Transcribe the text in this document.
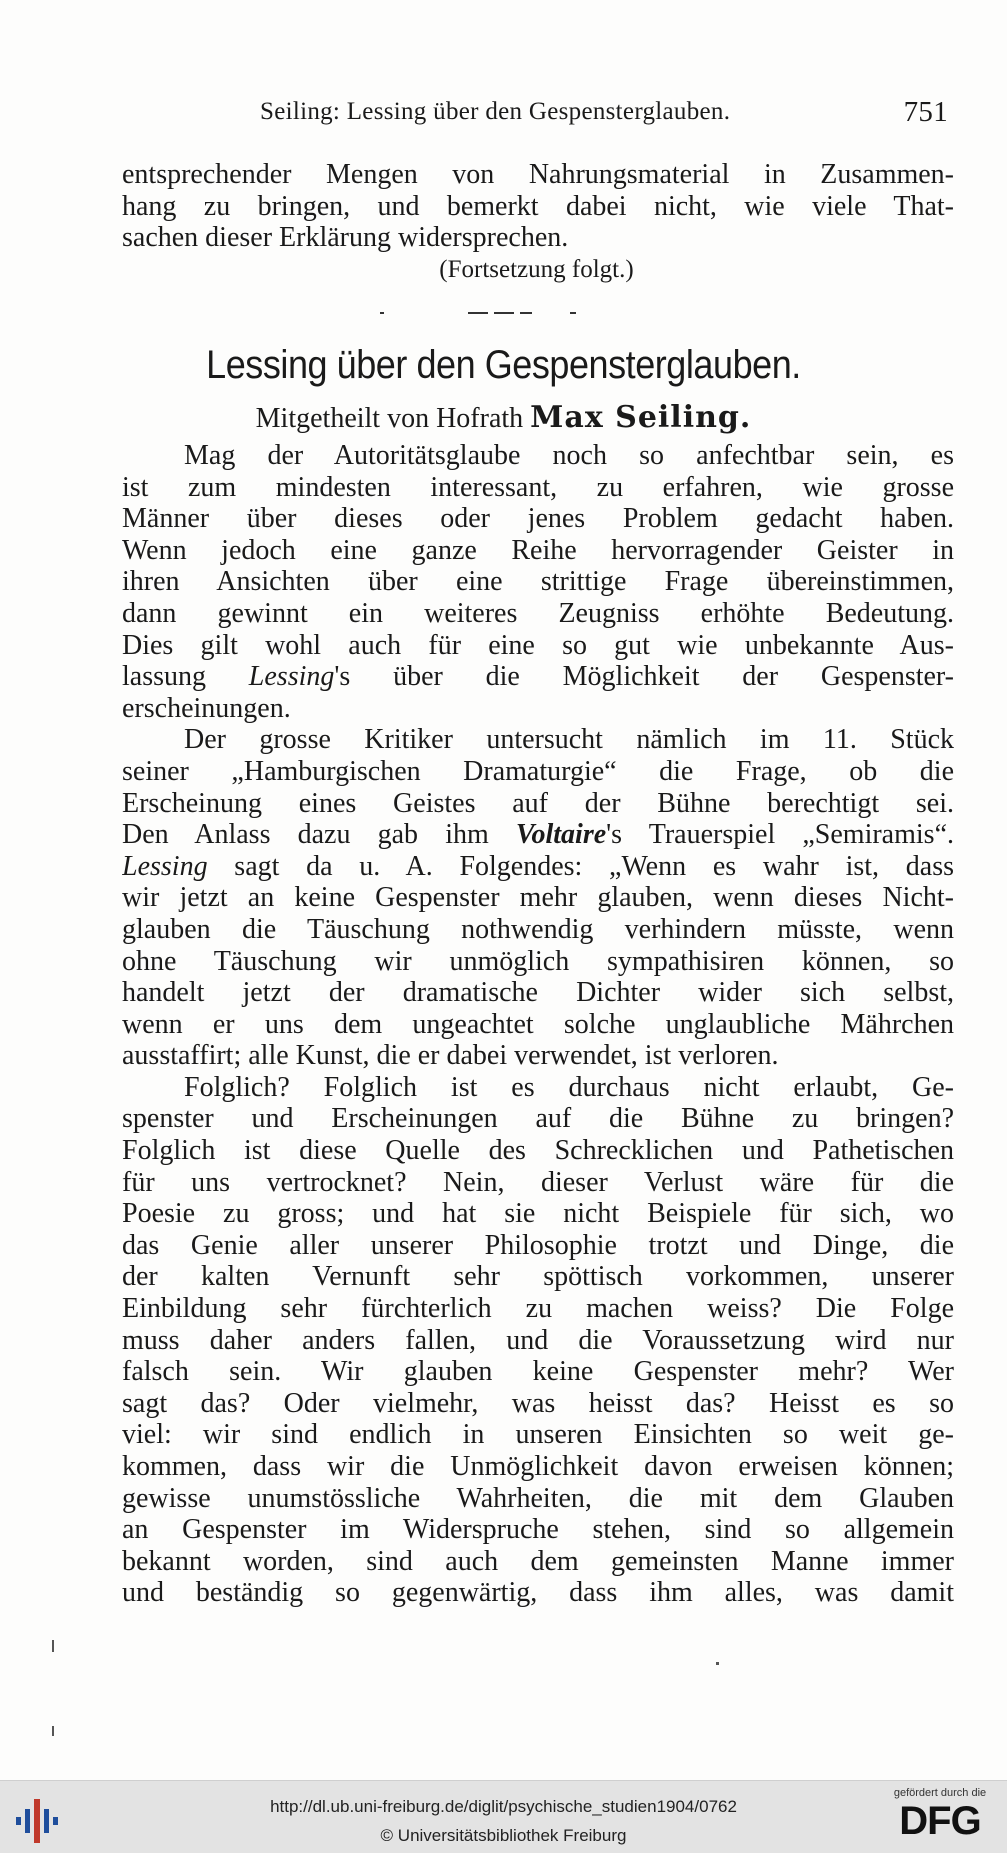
Seiling: Lessing über den Gespensterglauben.	751
entsprechender Mengen von Nahrungsmaterial in Zusammen-
hang zu bringen, und bemerkt dabei nicht, wie viele That-
sachen dieser Erklärung widersprechen.
(Fortsetzung folgt.)
Lessing über den Gespensterglauben.
Mitgetheilt von Hofrath Max Seiling.
Mag der Autoritätsglaube noch so anfechtbar sein, es
ist zum mindesten interessant, zu erfahren, wie grosse
Männer über dieses oder jenes Problem gedacht haben.
Wenn jedoch eine ganze Reihe hervorragender Geister in
ihren Ansichten über eine strittige Frage übereinstimmen,
dann gewinnt ein weiteres Zeugniss erhöhte Bedeutung.
Dies gilt wohl auch für eine so gut wie unbekannte Aus-
lassung Lessing's über die Möglichkeit der Gespenster-
erscheinungen.
Der grosse Kritiker untersucht nämlich im 11. Stück
seiner „Hamburgischen Dramaturgie“ die Frage, ob die
Erscheinung eines Geistes auf der Bühne berechtigt sei.
Den Anlass dazu gab ihm Voltaire's Trauerspiel „Semiramis“.
Lessing sagt da u. A. Folgendes: „Wenn es wahr ist, dass
wir jetzt an keine Gespenster mehr glauben, wenn dieses Nicht-
glauben die Täuschung nothwendig verhindern müsste, wenn
ohne Täuschung wir unmöglich sympathisiren können, so
handelt jetzt der dramatische Dichter wider sich selbst,
wenn er uns dem ungeachtet solche unglaubliche Mährchen
ausstaffirt; alle Kunst, die er dabei verwendet, ist verloren.
Folglich? Folglich ist es durchaus nicht erlaubt, Ge-
spenster und Erscheinungen auf die Bühne zu bringen?
Folglich ist diese Quelle des Schrecklichen und Pathetischen
für uns vertrocknet? Nein, dieser Verlust wäre für die
Poesie zu gross; und hat sie nicht Beispiele für sich, wo
das Genie aller unserer Philosophie trotzt und Dinge, die
der kalten Vernunft sehr spöttisch vorkommen, unserer
Einbildung sehr fürchterlich zu machen weiss? Die Folge
muss daher anders fallen, und die Voraussetzung wird nur
falsch sein. Wir glauben keine Gespenster mehr? Wer
sagt das? Oder vielmehr, was heisst das? Heisst es so
viel: wir sind endlich in unseren Einsichten so weit ge-
kommen, dass wir die Unmöglichkeit davon erweisen können;
gewisse unumstössliche Wahrheiten, die mit dem Glauben
an Gespenster im Widerspruche stehen, sind so allgemein
bekannt worden, sind auch dem gemeinsten Manne immer
und beständig so gegenwärtig, dass ihm alles, was damit
http://dl.ub.uni-freiburg.de/diglit/psychische_studien1904/0762
© Universitätsbibliothek Freiburg
gefördert durch die
DFG
